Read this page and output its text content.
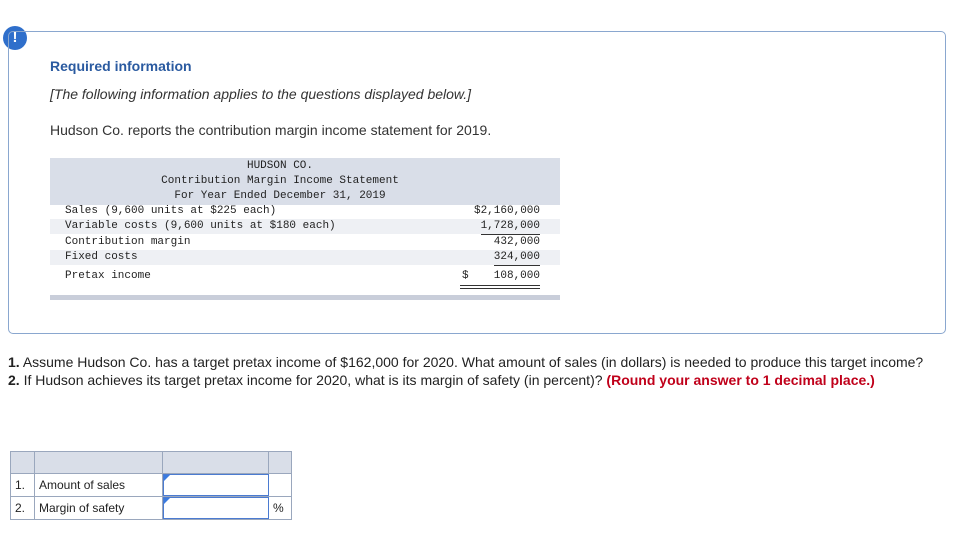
!
Required information
[The following information applies to the questions displayed below.]
Hudson Co. reports the contribution margin income statement for 2019.
HUDSON CO.
Contribution Margin Income Statement
For Year Ended December 31, 2019
Sales (9,600 units at $225 each)	$2,160,000
Variable costs (9,600 units at $180 each)	1,728,000
Contribution margin	432,000
Fixed costs	324,000
Pretax income	$ 108,000
1. Assume Hudson Co. has a target pretax income of $162,000 for 2020. What amount of sales (in dollars) is needed to produce this target income?
2. If Hudson achieves its target pretax income for 2020, what is its margin of safety (in percent)? (Round your answer to 1 decimal place.)

1.	Amount of sales	

2.	Margin of safety		%
